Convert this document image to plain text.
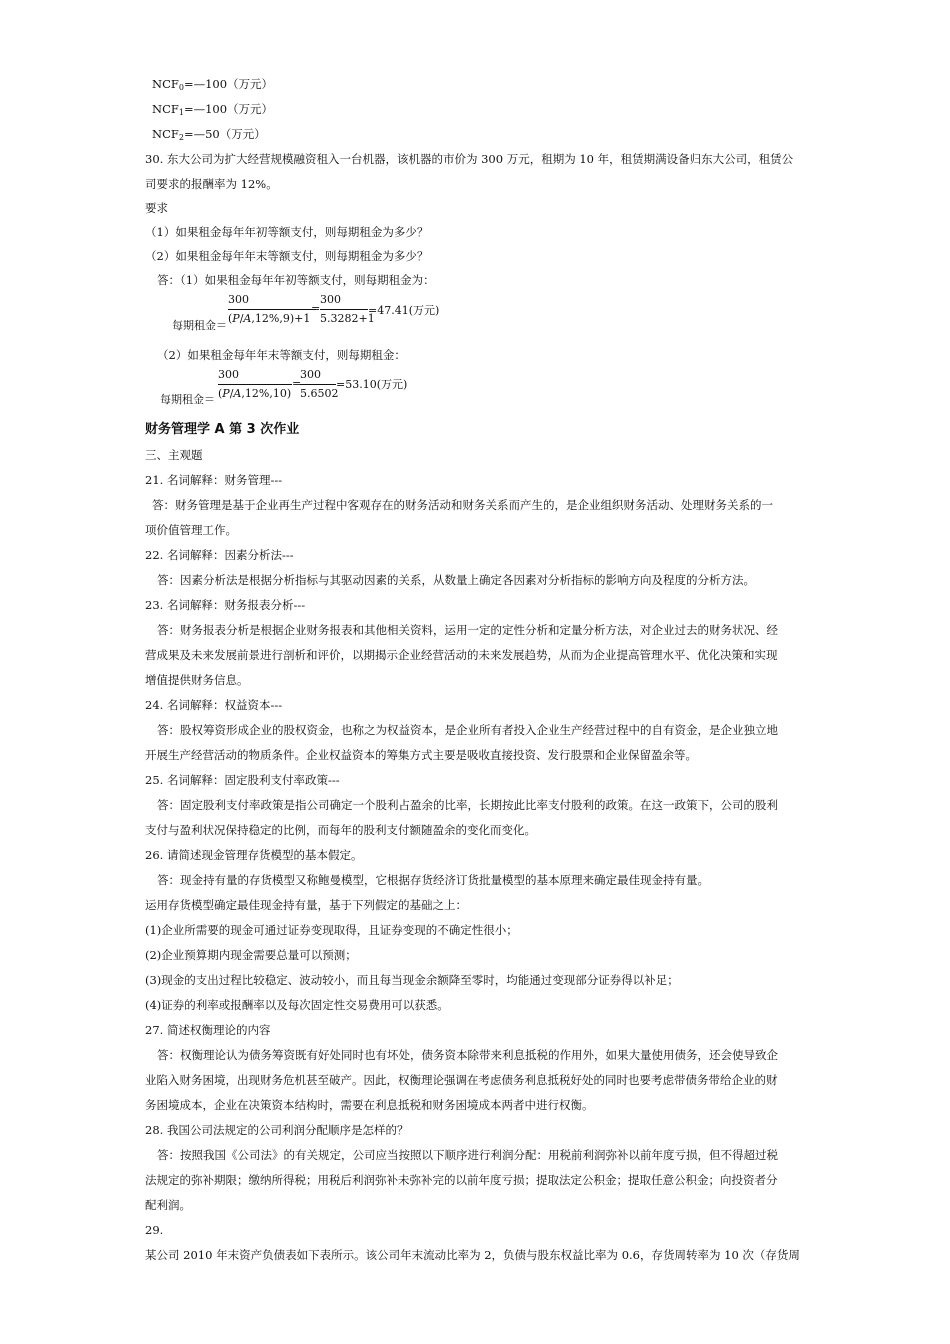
$NCF_0=—100$（万元）
$NCF_1=—100$（万元）
$NCF_2=—50$（万元）
30. 东大公司为扩大经营规模融资租入一台机器，该机器的市价为 300 万元，租期为 10 年，租赁期满设备归东大公司，租赁公
司要求的报酬率为 12%。
要求
（1）如果租金每年年初等额支付，则每期租金为多少？
（2）如果租金每年年末等额支付，则每期租金为多少？
答：（1）如果租金每年年初等额支付，则每期租金为：
每期租金＝
300
(P/A,12%,9)+1
=
300
5.3282+1
=47.41(万元)
（2）如果租金每年年末等额支付，则每期租金：
每期租金＝
300
(P/A,12%,10)
=
300
5.6502
=53.10(万元)
财务管理学 A 第 3 次作业
三、主观题
21. 名词解释：财务管理---
答：财务管理是基于企业再生产过程中客观存在的财务活动和财务关系而产生的，是企业组织财务活动、处理财务关系的一
项价值管理工作。
22. 名词解释：因素分析法---
答：因素分析法是根据分析指标与其驱动因素的关系，从数量上确定各因素对分析指标的影响方向及程度的分析方法。
23. 名词解释：财务报表分析---
答：财务报表分析是根据企业财务报表和其他相关资料，运用一定的定性分析和定量分析方法，对企业过去的财务状况、经
营成果及未来发展前景进行剖析和评价，以期揭示企业经营活动的未来发展趋势，从而为企业提高管理水平、优化决策和实现
增值提供财务信息。
24. 名词解释：权益资本---
答：股权筹资形成企业的股权资金，也称之为权益资本，是企业所有者投入企业生产经营过程中的自有资金，是企业独立地
开展生产经营活动的物质条件。企业权益资本的筹集方式主要是吸收直接投资、发行股票和企业保留盈余等。
25. 名词解释：固定股利支付率政策---
答：固定股利支付率政策是指公司确定一个股利占盈余的比率，长期按此比率支付股利的政策。在这一政策下，公司的股利
支付与盈利状况保持稳定的比例，而每年的股利支付额随盈余的变化而变化。
26. 请简述现金管理存货模型的基本假定。
答：现金持有量的存货模型又称鲍曼模型，它根据存货经济订货批量模型的基本原理来确定最佳现金持有量。
运用存货模型确定最佳现金持有量，基于下列假定的基础之上：
(1)企业所需要的现金可通过证券变现取得，且证券变现的不确定性很小；
(2)企业预算期内现金需要总量可以预测；
(3)现金的支出过程比较稳定、波动较小，而且每当现金余额降至零时，均能通过变现部分证券得以补足；
(4)证券的利率或报酬率以及每次固定性交易费用可以获悉。
27. 简述权衡理论的内容
答：权衡理论认为债务筹资既有好处同时也有坏处，债务资本除带来利息抵税的作用外，如果大量使用债务，还会使导致企
业陷入财务困境，出现财务危机甚至破产。因此，权衡理论强调在考虑债务利息抵税好处的同时也要考虑带债务带给企业的财
务困境成本，企业在决策资本结构时，需要在利息抵税和财务困境成本两者中进行权衡。
28. 我国公司法规定的公司利润分配顺序是怎样的？
答：按照我国《公司法》的有关规定，公司应当按照以下顺序进行利润分配：用税前利润弥补以前年度亏损，但不得超过税
法规定的弥补期限；缴纳所得税；用税后利润弥补未弥补完的以前年度亏损；提取法定公积金；提取任意公积金；向投资者分
配利润。
29.
某公司 2010 年末资产负债表如下表所示。该公司年末流动比率为 2，负债与股东权益比率为 0.6，存货周转率为 10 次（存货周
